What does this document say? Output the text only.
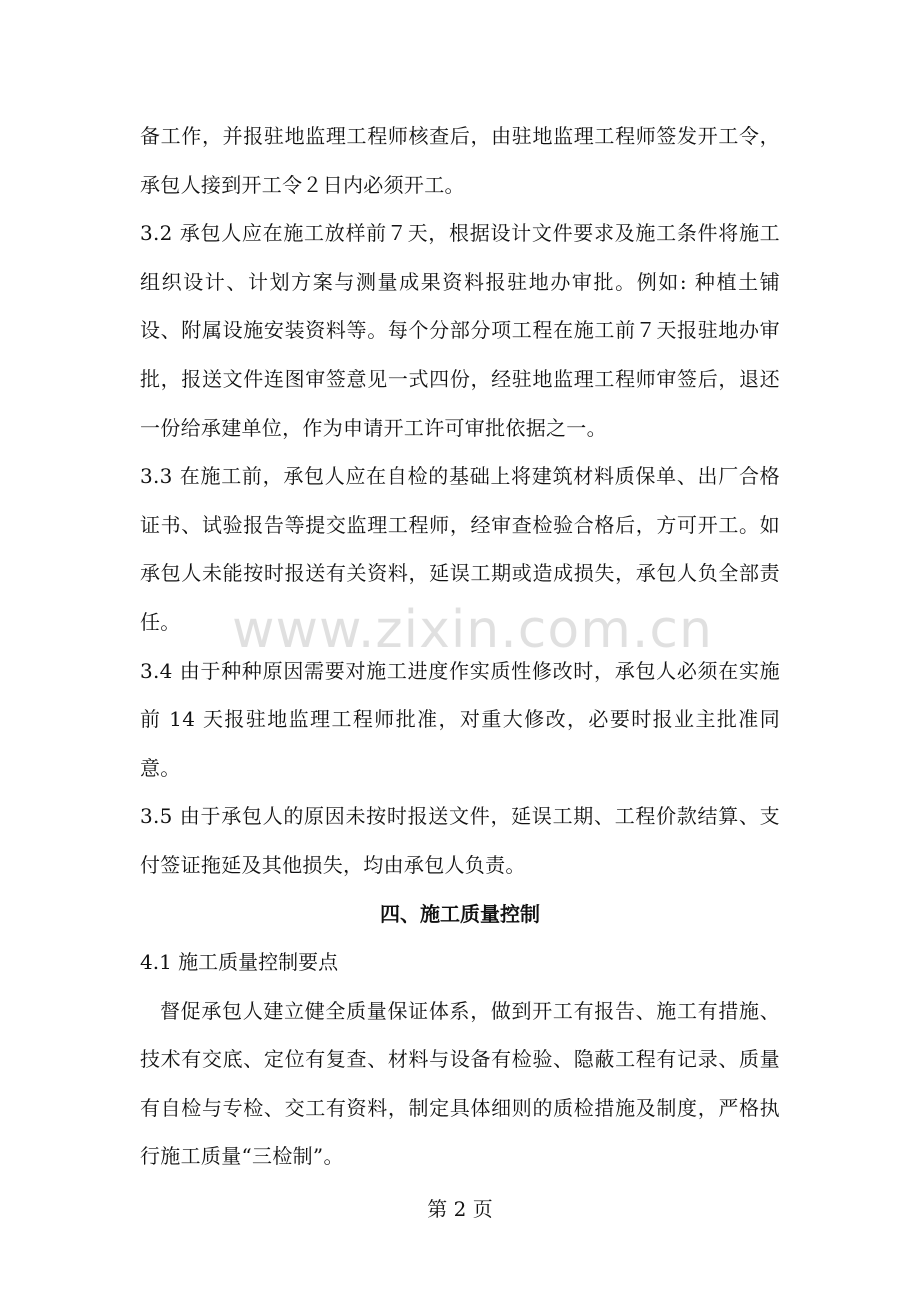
备工作，并报驻地监理工程师核查后，由驻地监理工程师签发开工令，承包人接到开工令２日内必须开工。

3.2 承包人应在施工放样前７天，根据设计文件要求及施工条件将施工组织设计、计划方案与测量成果资料报驻地办审批。例如: 种植土铺设、附属设施安装资料等。每个分部分项工程在施工前７天报驻地办审批，报送文件连图审签意见一式四份，经驻地监理工程师审签后，退还一份给承建单位，作为申请开工许可审批依据之一。

3.3 在施工前，承包人应在自检的基础上将建筑材料质保单、出厂合格证书、试验报告等提交监理工程师，经审查检验合格后，方可开工。如承包人未能按时报送有关资料，延误工期或造成损失，承包人负全部责任。

3.4 由于种种原因需要对施工进度作实质性修改时，承包人必须在实施前 14 天报驻地监理工程师批准，对重大修改，必要时报业主批准同意。

3.5 由于承包人的原因未按时报送文件，延误工期、工程价款结算、支付签证拖延及其他损失，均由承包人负责。

四、施工质量控制

4.1 施工质量控制要点

督促承包人建立健全质量保证体系，做到开工有报告、施工有措施、技术有交底、定位有复查、材料与设备有检验、隐蔽工程有记录、质量有自检与专检、交工有资料，制定具体细则的质检措施及制度，严格执行施工质量“三检制”。

www.zixin.com.cn
第 2 页
